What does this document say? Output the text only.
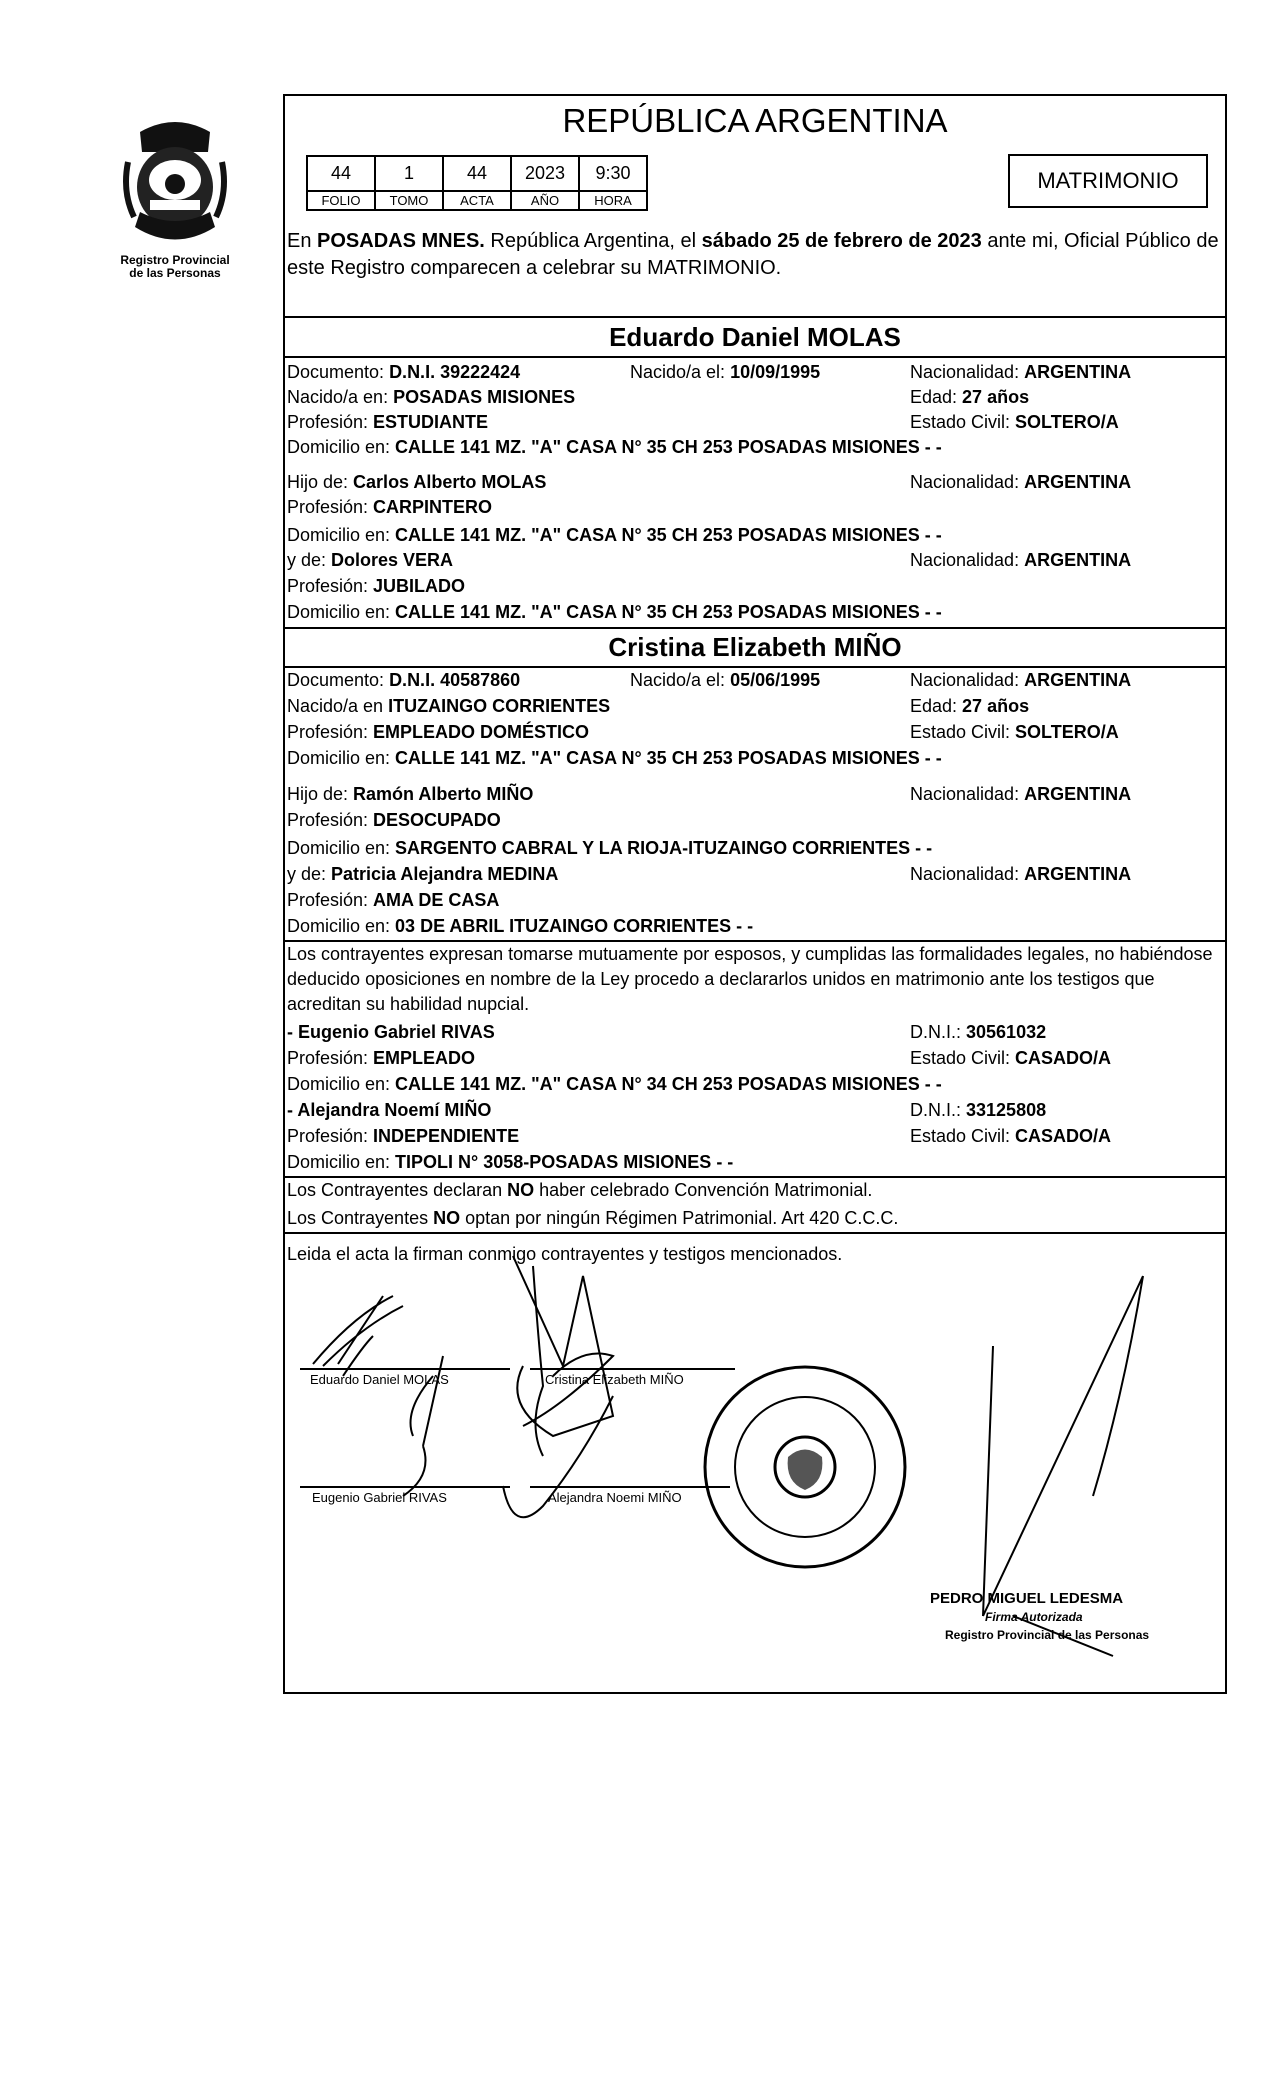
Registro Provincial
de las Personas
REPÚBLICA ARGENTINA
44	1	44	2023	9:30
FOLIO	TOMO	ACTA	AÑO	HORA
MATRIMONIO
En POSADAS MNES. República Argentina, el sábado 25 de febrero de 2023 ante mi, Oficial Público de este Registro comparecen a celebrar su MATRIMONIO.
Eduardo Daniel MOLAS
Documento: D.N.I. 39222424	Nacido/a el: 10/09/1995	Nacionalidad: ARGENTINA
Nacido/a en: POSADAS MISIONES	Edad: 27 años
Profesión: ESTUDIANTE	Estado Civil: SOLTERO/A
Domicilio en: CALLE 141 MZ. "A" CASA N° 35 CH 253 POSADAS MISIONES - -
Hijo de: Carlos Alberto MOLAS	Nacionalidad: ARGENTINA
Profesión: CARPINTERO
Domicilio en: CALLE 141 MZ. "A" CASA N° 35 CH 253 POSADAS MISIONES - -
y de: Dolores VERA	Nacionalidad: ARGENTINA
Profesión: JUBILADO
Domicilio en: CALLE 141 MZ. "A" CASA N° 35 CH 253 POSADAS MISIONES - -
Cristina Elizabeth MIÑO
Documento: D.N.I. 40587860	Nacido/a el: 05/06/1995	Nacionalidad: ARGENTINA
Nacido/a en ITUZAINGO CORRIENTES	Edad: 27 años
Profesión: EMPLEADO DOMÉSTICO	Estado Civil: SOLTERO/A
Domicilio en: CALLE 141 MZ. "A" CASA N° 35 CH 253 POSADAS MISIONES - -
Hijo de: Ramón Alberto MIÑO	Nacionalidad: ARGENTINA
Profesión: DESOCUPADO
Domicilio en: SARGENTO CABRAL Y LA RIOJA-ITUZAINGO CORRIENTES - -
y de: Patricia Alejandra MEDINA	Nacionalidad: ARGENTINA
Profesión: AMA DE CASA
Domicilio en: 03 DE ABRIL ITUZAINGO CORRIENTES - -
Los contrayentes expresan tomarse mutuamente por esposos, y cumplidas las formalidades legales, no habiéndose deducido oposiciones en nombre de la Ley procedo a declararlos unidos en matrimonio ante los testigos que acreditan su habilidad nupcial.
- Eugenio Gabriel RIVAS	D.N.I.: 30561032
Profesión: EMPLEADO	Estado Civil: CASADO/A
Domicilio en: CALLE 141 MZ. "A" CASA N° 34 CH 253 POSADAS MISIONES - -
- Alejandra Noemí MIÑO	D.N.I.: 33125808
Profesión: INDEPENDIENTE	Estado Civil: CASADO/A
Domicilio en: TIPOLI N° 3058-POSADAS MISIONES - -
Los Contrayentes declaran NO haber celebrado Convención Matrimonial.
Los Contrayentes NO optan por ningún Régimen Patrimonial. Art 420 C.C.C.
Leida el acta la firman conmigo contrayentes y testigos mencionados.
Eduardo Daniel MOLAS	Cristina Elizabeth MIÑO
Eugenio Gabriel RIVAS	Alejandra Noemi MIÑO
PEDRO MIGUEL LEDESMA
Firma Autorizada
Registro Provincial de las Personas
